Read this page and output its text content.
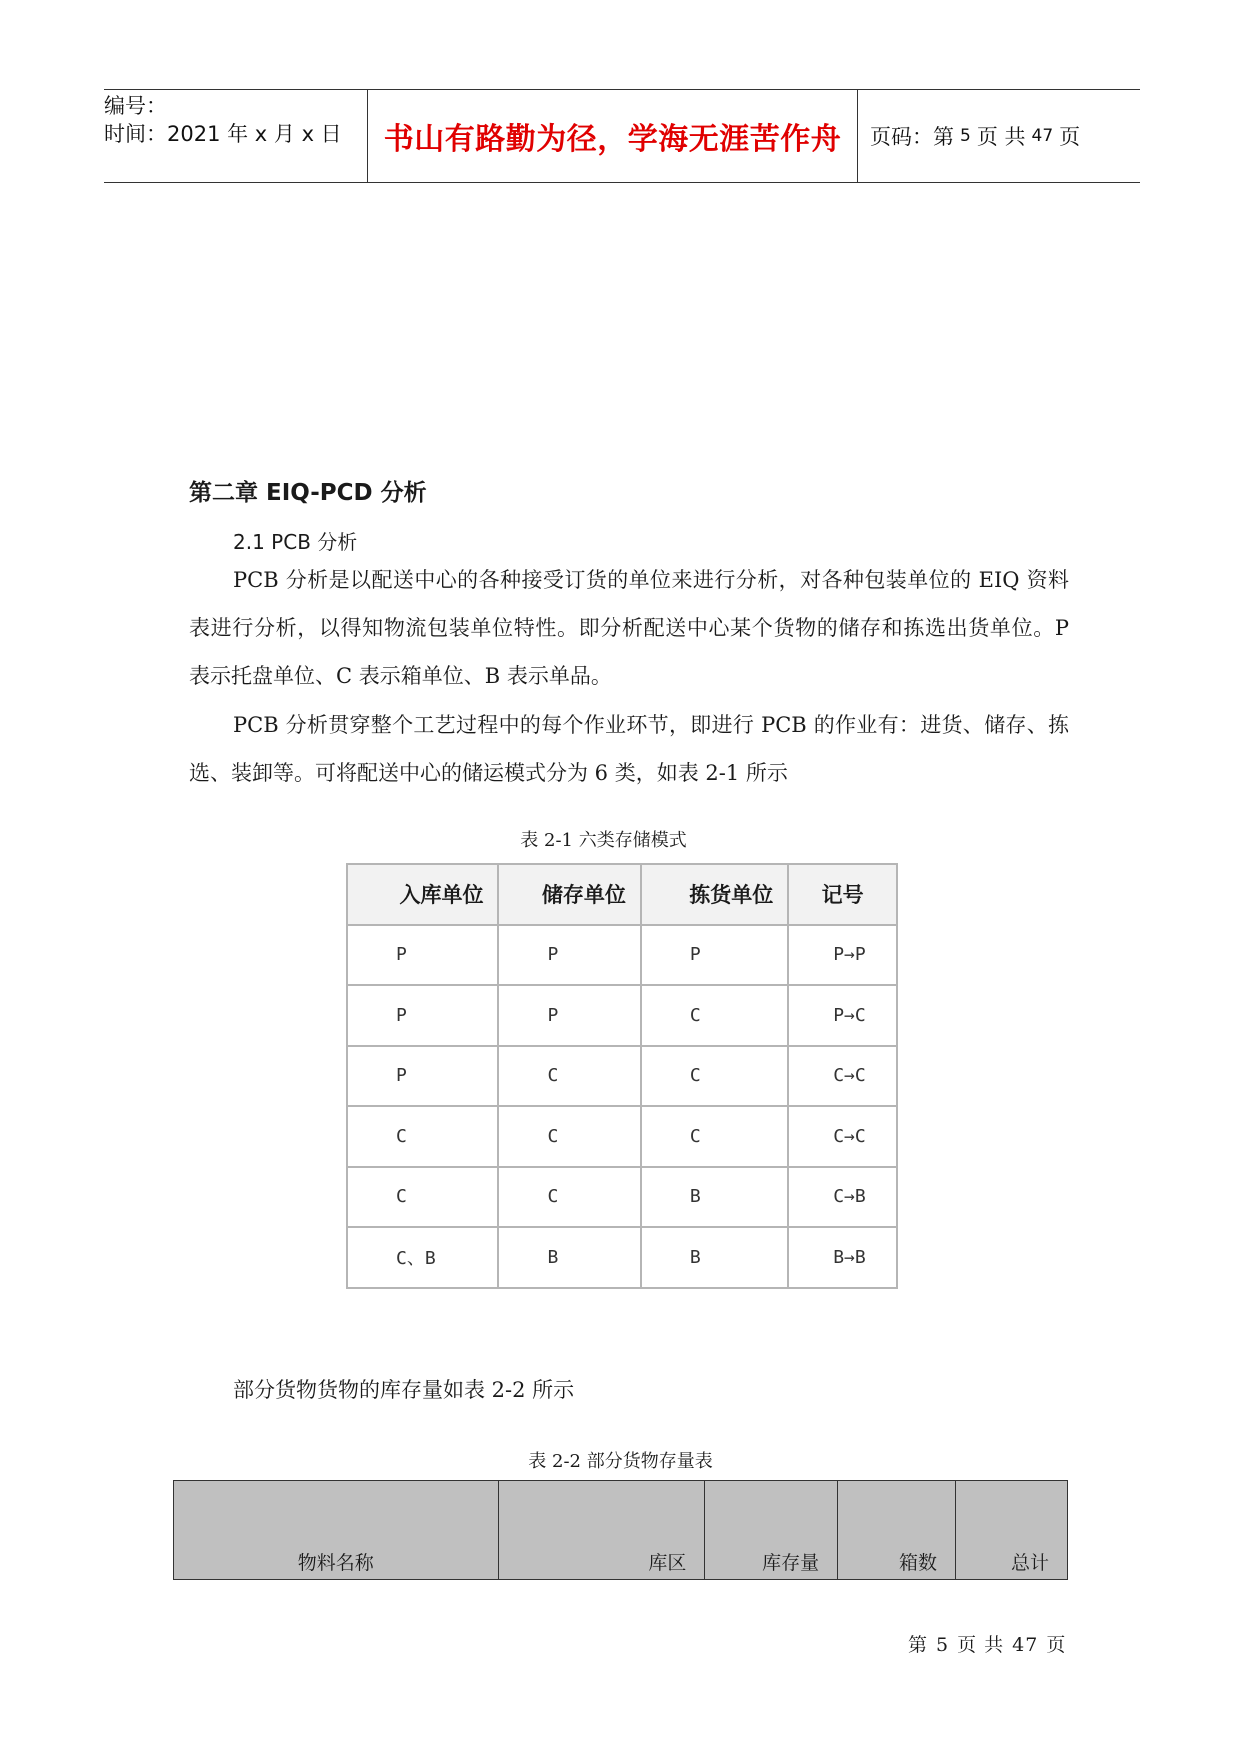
编号：
时间：2021 年 x 月 x 日	书山有路勤为径，学海无涯苦作舟	页码：第 5 页 共 47 页
第二章 EIQ-PCD 分析
2.1 PCB 分析
PCB 分析是以配送中心的各种接受订货的单位来进行分析，对各种包装单位的 EIQ 资料表进行分析，以得知物流包装单位特性。即分析配送中心某个货物的储存和拣选出货单位。P 表示托盘单位、C 表示箱单位、B 表示单品。
PCB 分析贯穿整个工艺过程中的每个作业环节，即进行 PCB 的作业有：进货、储存、拣选、装卸等。可将配送中心的储运模式分为 6 类，如表 2-1 所示
表 2-1 六类存储模式
入库单位	储存单位	拣货单位	记号
P	P	P	P→P
P	P	C	P→C
P	C	C	C→C
C	C	C	C→C
C	C	B	C→B
C、B	B	B	B→B
部分货物货物的库存量如表 2-2 所示
表 2-2 部分货物存量表
物料名称	库区	库存量	箱数	总计
第 5 页 共 47 页
